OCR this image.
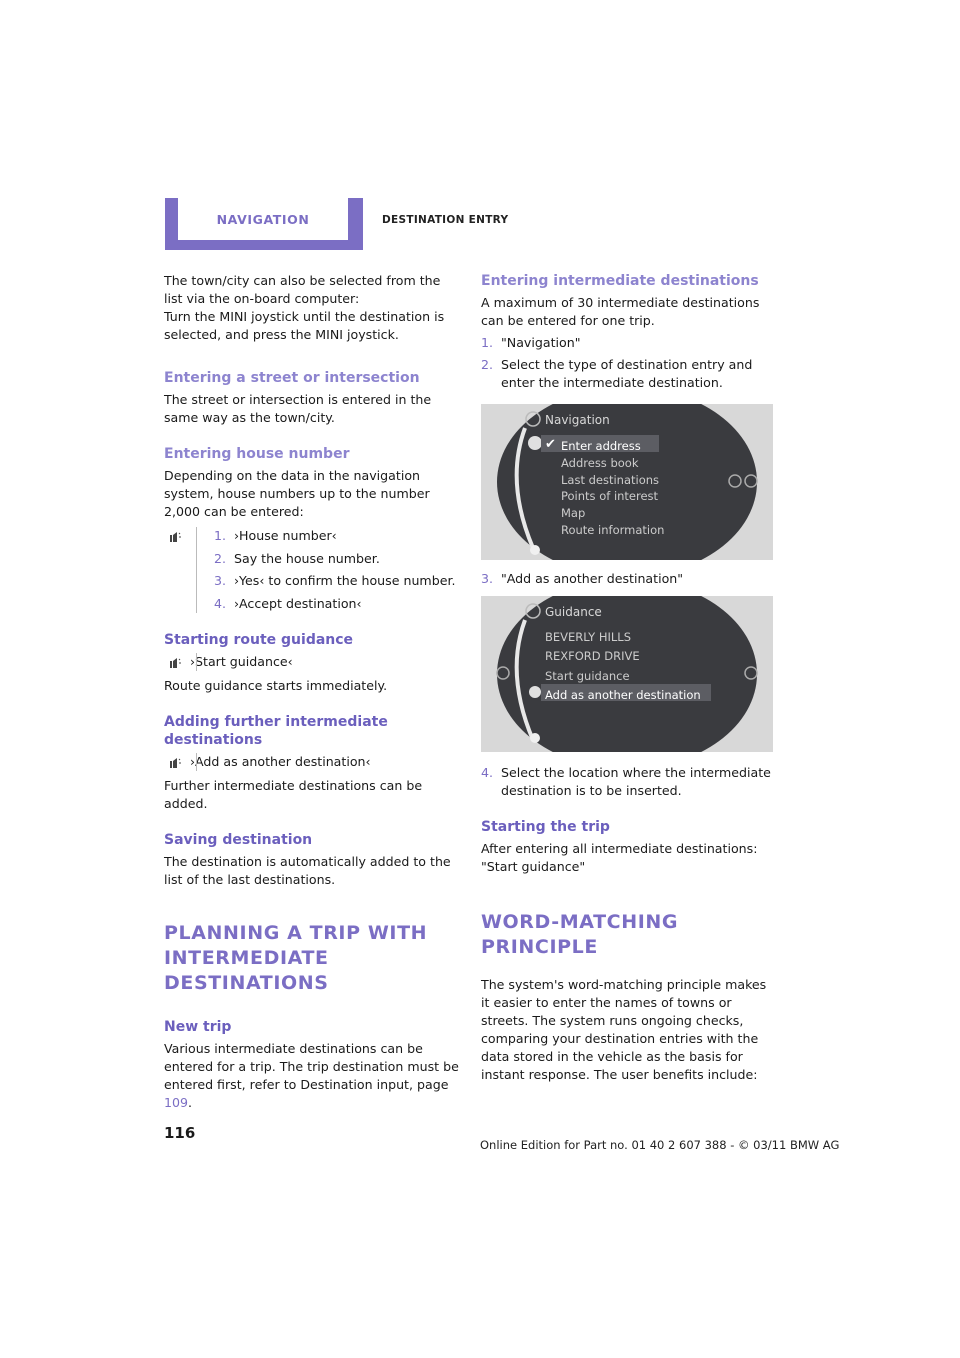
NAVIGATION	DESTINATION ENTRY

The town/city can also be selected from the list via the on-board computer:
Turn the MINI joystick until the destination is selected, and press the MINI joystick.

Entering a street or intersection

The street or intersection is entered in the same way as the town/city.

Entering house number

Depending on the data in the navigation system, house numbers up to the number 2,000 can be entered:

1. ›House number‹
2. Say the house number.
3. ›Yes‹ to confirm the house number.
4. ›Accept destination‹
Starting route guidance
›Start guidance‹

Route guidance starts immediately.

Adding further intermediate destinations
›Add as another destination‹

Further intermediate destinations can be added.

Saving destination

The destination is automatically added to the list of the last destinations.

PLANNING A TRIP WITH INTERMEDIATE DESTINATIONS
New trip

Various intermediate destinations can be entered for a trip. The trip destination must be entered first, refer to Destination input, page 109.

Entering intermediate destinations

A maximum of 30 intermediate destinations can be entered for one trip.

1. "Navigation"
2. Select the type of destination entry and enter the intermediate destination.
Navigation
✔ Enter address
Address book
Last destinations
Points of interest
Map
Route information
3. "Add as another destination"
Guidance
BEVERLY HILLS
REXFORD DRIVE
Start guidance
Add as another destination
4. Select the location where the intermediate destination is to be inserted.
Starting the trip

After entering all intermediate destinations:
"Start guidance"

WORD-MATCHING PRINCIPLE

The system's word-matching principle makes it easier to enter the names of towns or streets. The system runs ongoing checks, comparing your destination entries with the data stored in the vehicle as the basis for instant response. The user benefits include:

116
Online Edition for Part no. 01 40 2 607 388 - © 03/11 BMW AG
